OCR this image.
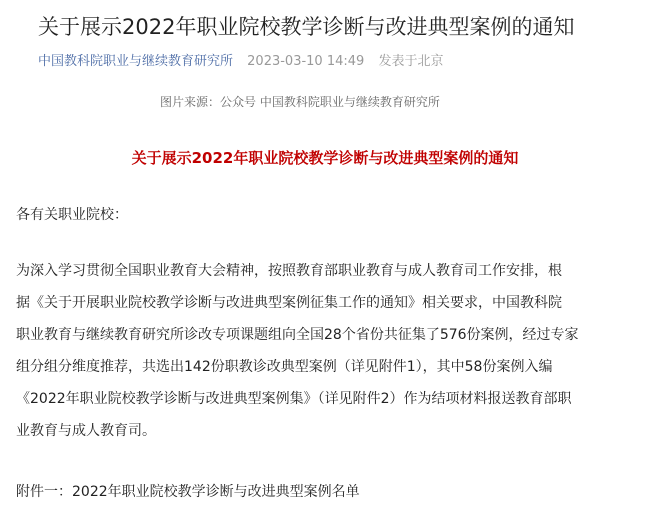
关于展示2022年职业院校教学诊断与改进典型案例的通知
中国教科院职业与继续教育研究所 2023-03-10 14:49 发表于北京
图片来源：公众号 中国教科院职业与继续教育研究所
关于展示2022年职业院校教学诊断与改进典型案例的通知
各有关职业院校：
为深入学习贯彻全国职业教育大会精神，按照教育部职业教育与成人教育司工作安排，根
据《关于开展职业院校教学诊断与改进典型案例征集工作的通知》相关要求，中国教科院
职业教育与继续教育研究所诊改专项课题组向全国28个省份共征集了576份案例，经过专家
组分组分维度推荐，共选出142份职教诊改典型案例（详见附件1），其中58份案例入编
《2022年职业院校教学诊断与改进典型案例集》（详见附件2）作为结项材料报送教育部职
业教育与成人教育司。
附件一：2022年职业院校教学诊断与改进典型案例名单
